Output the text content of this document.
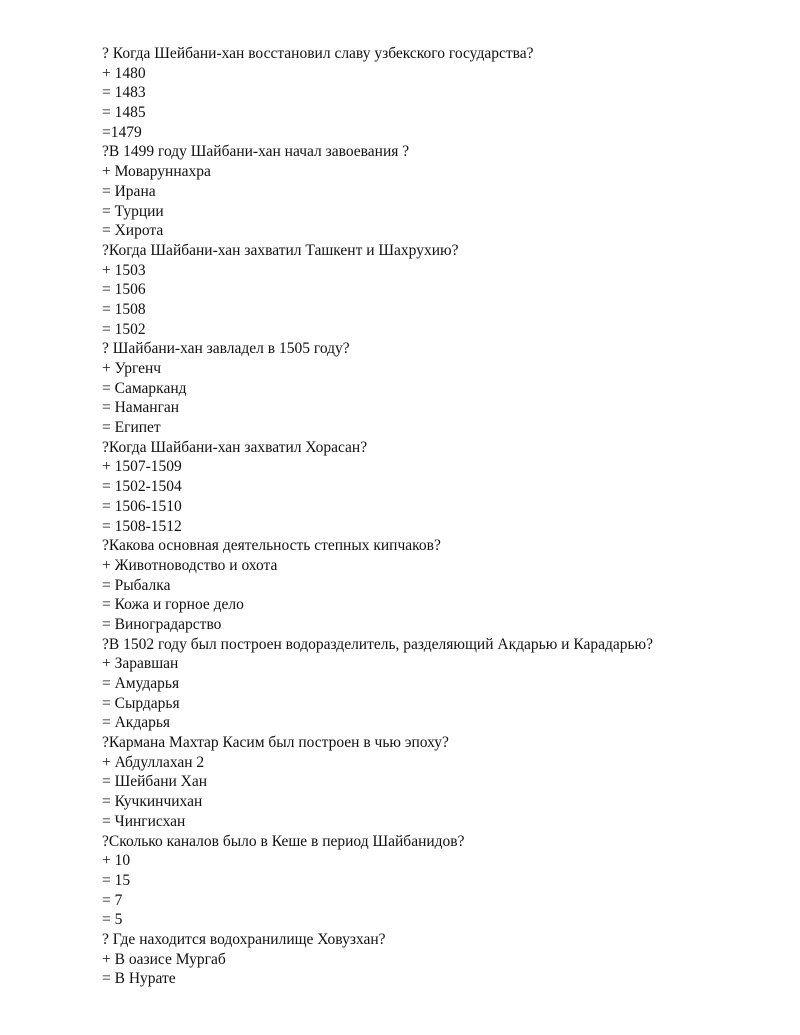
? Когда Шейбани-хан восстановил славу узбекского государства?
+ 1480
= 1483
= 1485
=1479
?В 1499 году Шайбани-хан начал завоевания ?
+ Моваруннахра
= Ирана
= Турции
= Хирота
?Когда Шайбани-хан захватил Ташкент и Шахрухию?
+ 1503
= 1506
= 1508
= 1502
? Шайбани-хан завладел в 1505 году?
+ Ургенч
= Самарканд
= Наманган
= Египет
?Когда Шайбани-хан захватил Хорасан?
+ 1507-1509
= 1502-1504
= 1506-1510
= 1508-1512
?Какова основная деятельность степных кипчаков?
+ Животноводство и охота
= Рыбалка
= Кожа и горное дело
= Виноградарство
?В 1502 году был построен водоразделитель, разделяющий Акдарью и Карадарью?
+ Заравшан
= Амударья
= Сырдарья
= Акдарья
?Кармана Махтар Касим был построен в чью эпоху?
+ Абдуллахан 2
= Шейбани Хан
= Кучкинчихан
= Чингисхан
?Сколько каналов было в Кеше в период Шайбанидов?
+ 10
= 15
= 7
= 5
? Где находится водохранилище Ховузхан?
+ В оазисе Мургаб
= В Нурате
